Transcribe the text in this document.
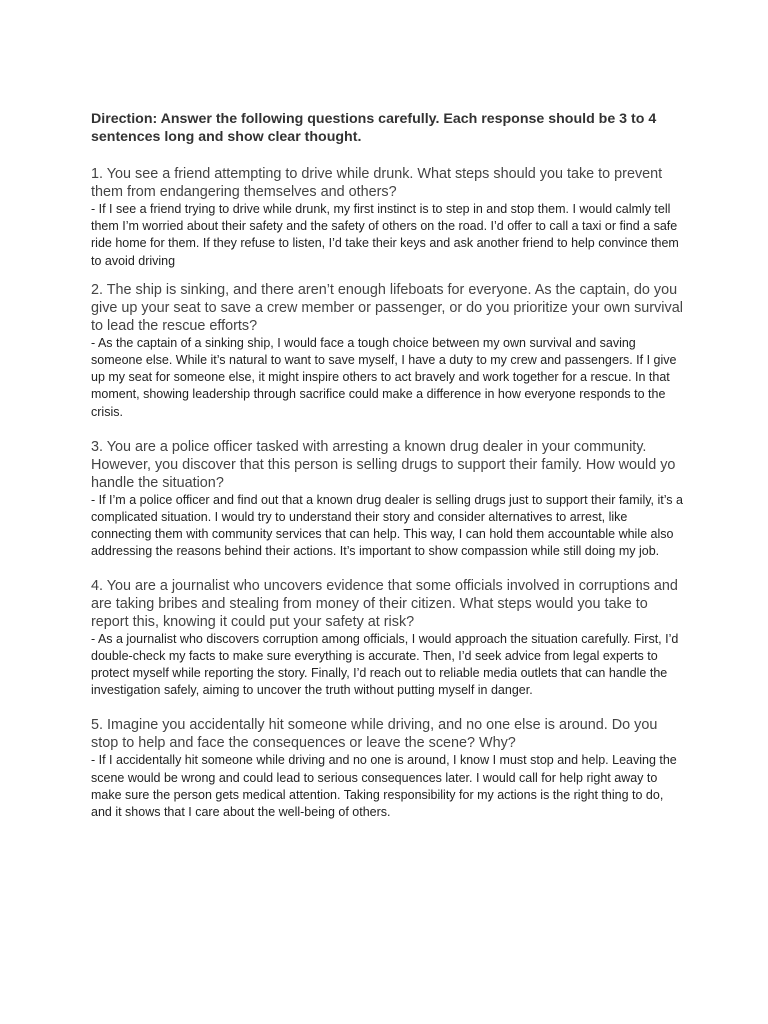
Direction: Answer the following questions carefully. Each response should be 3 to 4 sentences long and show clear thought.

1. You see a friend attempting to drive while drunk. What steps should you take to prevent them from endangering themselves and others?

- If I see a friend trying to drive while drunk, my first instinct is to step in and stop them. I would calmly tell them I’m worried about their safety and the safety of others on the road. I’d offer to call a taxi or find a safe ride home for them. If they refuse to listen, I’d take their keys and ask another friend to help convince them to avoid driving

2. The ship is sinking, and there aren’t enough lifeboats for everyone. As the captain, do you give up your seat to save a crew member or passenger, or do you prioritize your own survival to lead the rescue efforts?

- As the captain of a sinking ship, I would face a tough choice between my own survival and saving someone else. While it’s natural to want to save myself, I have a duty to my crew and passengers. If I give up my seat for someone else, it might inspire others to act bravely and work together for a rescue. In that moment, showing leadership through sacrifice could make a difference in how everyone responds to the crisis.

3. You are a police officer tasked with arresting a known drug dealer in your community. However, you discover that this person is selling drugs to support their family. How would yo handle the situation?

- If I’m a police officer and find out that a known drug dealer is selling drugs just to support their family, it’s a complicated situation. I would try to understand their story and consider alternatives to arrest, like connecting them with community services that can help. This way, I can hold them accountable while also addressing the reasons behind their actions. It’s important to show compassion while still doing my job.

4. You are a journalist who uncovers evidence that some officials involved in corruptions and are taking bribes and stealing from money of their citizen. What steps would you take to report this, knowing it could put your safety at risk?

- As a journalist who discovers corruption among officials, I would approach the situation carefully. First, I’d double-check my facts to make sure everything is accurate. Then, I’d seek advice from legal experts to protect myself while reporting the story. Finally, I’d reach out to reliable media outlets that can handle the investigation safely, aiming to uncover the truth without putting myself in danger.

5. Imagine you accidentally hit someone while driving, and no one else is around. Do you stop to help and face the consequences or leave the scene? Why?

- If I accidentally hit someone while driving and no one is around, I know I must stop and help. Leaving the scene would be wrong and could lead to serious consequences later. I would call for help right away to make sure the person gets medical attention. Taking responsibility for my actions is the right thing to do, and it shows that I care about the well-being of others.
